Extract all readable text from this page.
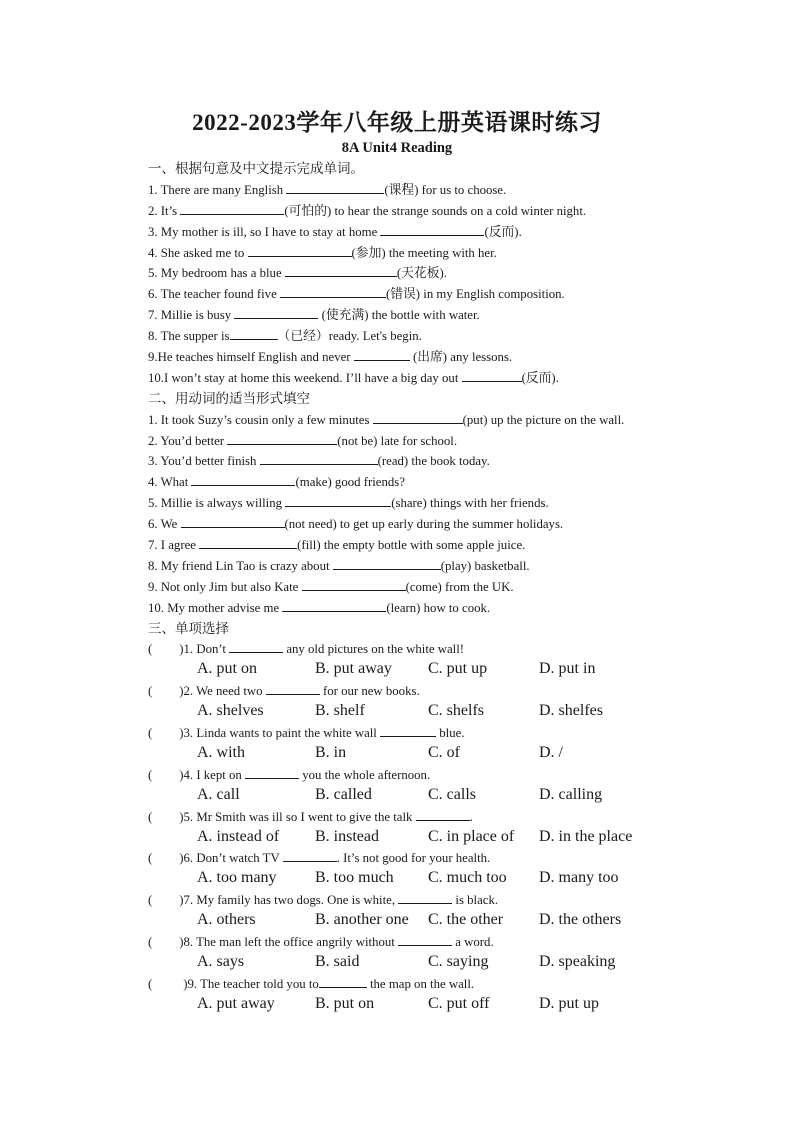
2022-2023学年八年级上册英语课时练习
8A Unit4 Reading
一、根据句意及中文提示完成单词。
1. There are many English	(课程) for us to choose.
2. It’s	(可怕的) to hear the strange sounds on a cold winter night.
3. My mother is ill, so I have to stay at home	(反而).
4. She asked me to	(参加) the meeting with her.
5. My bedroom has a blue	(天花板).
6. The teacher found five	(错误) in my English composition.
7. Millie is busy	(使充满) the bottle with water.
8. The supper is	（已经）ready. Let's begin.
9.He teaches himself English and never	(出席) any lessons.
10.I won’t stay at home this weekend. I’ll have a big day out	(反而).
二、用动词的适当形式填空
1. It took Suzy’s cousin only a few minutes	(put) up the picture on the wall.
2. You’d better	(not be) late for school.
3. You’d better finish	(read) the book today.
4. What	(make) good friends?
5. Millie is always willing	(share) things with her friends.
6. We	(not need) to get up early during the summer holidays.
7. I agree	(fill) the empty bottle with some apple juice.
8. My friend Lin Tao is crazy about	(play) basketball.
9. Not only Jim but also Kate	(come) from the UK.
10. My mother advise me	(learn) how to cook.
三、单项选择
( )1. Don’t	any old pictures on the white wall!
A. put on	B. put away C. put up	D. put in
( )2. We need two	for our new books.
A. shelves	B. shelf	C. shelfs	D. shelfes
( )3. Linda wants to paint the white wall	blue.
A. with	B. in	C. of	D. /
( )4. I kept on	you the whole afternoon.
A. call	B. called	C. calls	D. calling
( )5. Mr Smith was ill so I went to give the talk	.
A. instead of B. instead	C. in place of D. in the place
( )6. Don’t watch TV	. It’s not good for your health.
A. too many B. too much C. much too D. many too
( )7. My family has two dogs. One is white,	is black.
A. others	B. another one C. the other D. the others
( )8. The man left the office angrily without	a word.
A. says	B. said	C. saying	D. speaking
( )9. The teacher told you to	the map on the wall.
A. put away	B. put on	C. put off	D. put up
